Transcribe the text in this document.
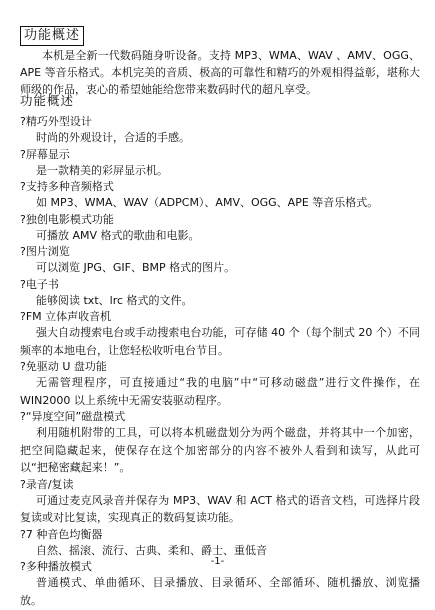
功能概述
本机是全新一代数码随身听设备。支持 MP3、WMA、WAV 、AMV、OGG、APE 等音乐格式。本机完美的音质、极高的可靠性和精巧的外观相得益彰，堪称大师级的作品，衷心的希望她能给您带来数码时代的超凡享受。
功能概述
?精巧外型设计
时尚的外观设计，合适的手感。
?屏幕显示
是一款精美的彩屏显示机。
?支持多种音频格式
如 MP3、WMA、WAV（ADPCM）、AMV、OGG、APE 等音乐格式。
?独创电影模式功能
可播放 AMV 格式的歌曲和电影。
?图片浏览
可以浏览 JPG、GIF、BMP 格式的图片。
?电子书
能够阅读 txt、lrc 格式的文件。
?FM 立体声收音机
强大自动搜索电台或手动搜索电台功能，可存储 40 个（每个制式 20 个）不同频率的本地电台，让您轻松收听电台节目。
?免驱动 U 盘功能
无需管理程序，可直接通过“我的电脑”中“可移动磁盘”进行文件操作，在 WIN2000 以上系统中无需安装驱动程序。
?“异度空间”磁盘模式
利用随机附带的工具，可以将本机磁盘划分为两个磁盘，并将其中一个加密，把空间隐藏起来，使保存在这个加密部分的内容不被外人看到和读写，从此可以“把秘密藏起来！”。
?录音/复读
可通过麦克风录音并保存为 MP3、WAV 和 ACT 格式的语音文档，可选择片段复读或对比复读，实现真正的数码复读功能。
?7 种音色均衡器
自然、摇滚、流行、古典、柔和、爵士、重低音
?多种播放模式
普通模式、单曲循环、目录播放、目录循环、全部循环、随机播放、浏览播放。
-1-
